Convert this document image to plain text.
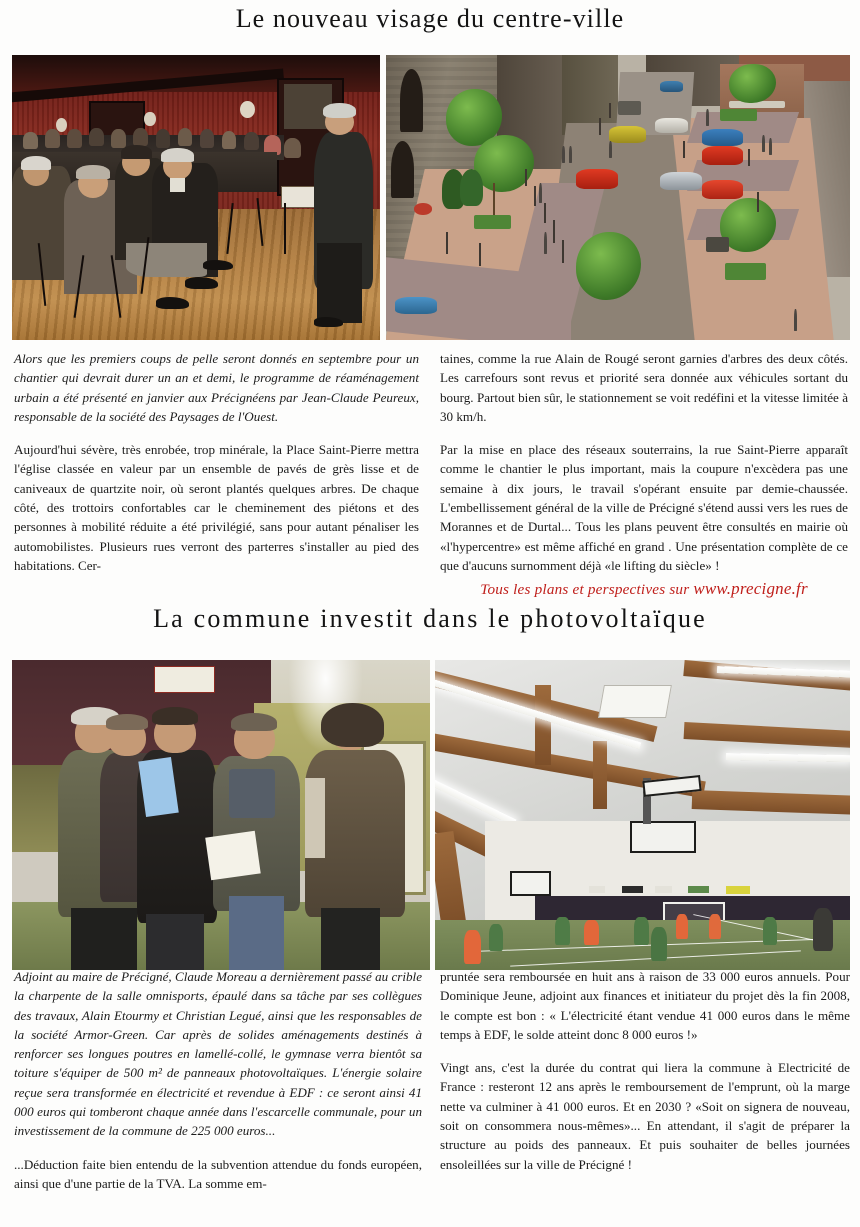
Le nouveau visage du centre-ville

Alors que les premiers coups de pelle seront donnés en septembre pour un chantier qui devrait durer un an et demi, le programme de réaménagement urbain a été présenté en janvier aux Précignéens par Jean-Claude Peureux, responsable de la société des Paysages de l'Ouest.

Aujourd'hui sévère, très enrobée, trop minérale, la Place Saint-Pierre mettra l'église classée en valeur par un ensemble de pavés de grès lisse et de caniveaux de quartzite noir, où seront plantés quelques arbres. De chaque côté, des trottoirs confortables car le cheminement des piétons et des personnes à mobilité réduite a été privilégié, sans pour autant pénaliser les automobilistes. Plusieurs rues verront des parterres s'installer au pied des habitations. Cer-

taines, comme la rue Alain de Rougé seront garnies d'arbres des deux côtés. Les carrefours sont revus et priorité sera donnée aux véhicules sortant du bourg. Partout bien sûr, le stationnement se voit redéfini et la vitesse limitée à 30 km/h.

Par la mise en place des réseaux souterrains, la rue Saint-Pierre apparaît comme le chantier le plus important, mais la coupure n'excèdera pas une semaine à dix jours, le travail s'opérant ensuite par demie-chaussée. L'embellissement général de la ville de Précigné s'étend aussi vers les rues de Morannes et de Durtal... Tous les plans peuvent être consultés en mairie où «l'hypercentre» est même affiché en grand . Une présentation complète de ce que d'aucuns surnomment déjà «le lifting du siècle» !

Tous les plans et perspectives sur www.precigne.fr
La commune investit dans le photovoltaïque

Adjoint au maire de Précigné, Claude Moreau a dernièrement passé au crible la charpente de la salle omnisports, épaulé dans sa tâche par ses collègues des travaux, Alain Etourmy et Christian Legué, ainsi que les responsables de la société Armor-Green. Car après de solides aménagements destinés à renforcer ses longues poutres en lamellé-collé, le gymnase verra bientôt sa toiture s'équiper de 500 m² de panneaux photovoltaïques. L'énergie solaire reçue sera transformée en électricité et revendue à EDF : ce seront ainsi 41 000 euros qui tomberont chaque année dans l'escarcelle communale, pour un investissement de la commune de 225 000 euros...

...Déduction faite bien entendu de la subvention attendue du fonds européen, ainsi que d'une partie de la TVA. La somme em-

pruntée sera remboursée en huit ans à raison de 33 000 euros annuels. Pour Dominique Jeune, adjoint aux finances et initiateur du projet dès la fin 2008, le compte est bon : « L'électricité étant vendue 41 000 euros dans le même temps à EDF, le solde atteint donc 8 000 euros !»

Vingt ans, c'est la durée du contrat qui liera la commune à Electricité de France : resteront 12 ans après le remboursement de l'emprunt, où la marge nette va culminer à 41 000 euros. Et en 2030 ? «Soit on signera de nouveau, soit on consommera nous-mêmes»... En attendant, il s'agit de préparer la structure au poids des panneaux. Et puis souhaiter de belles journées ensoleillées sur la ville de Précigné !
